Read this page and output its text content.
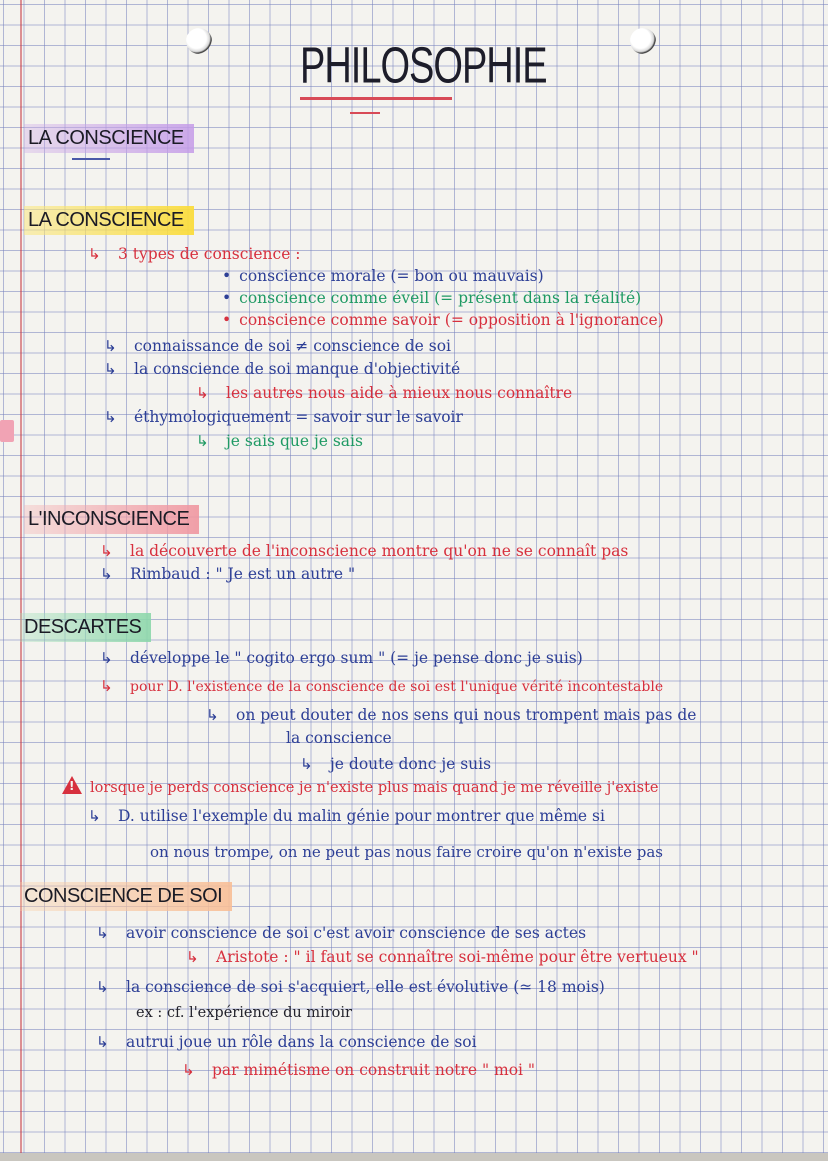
PHILOSOPHIE
LA CONSCIENCE
LA CONSCIENCE
↳ 3 types de conscience :
• conscience morale (= bon ou mauvais)
• conscience comme éveil (= présent dans la réalité)
• conscience comme savoir (= opposition à l'ignorance)
↳ connaissance de soi ≠ conscience de soi
↳ la conscience de soi manque d'objectivité
↳ les autres nous aide à mieux nous connaître
↳ éthymologiquement = savoir sur le savoir
↳ je sais que je sais
L'INCONSCIENCE
↳ la découverte de l'inconscience montre qu'on ne se connaît pas
↳ Rimbaud : " Je est un autre "
DESCARTES
↳ développe le " cogito ergo sum " (= je pense donc je suis)
↳ pour D. l'existence de la conscience de soi est l'unique vérité incontestable
↳ on peut douter de nos sens qui nous trompent mais pas de
la conscience
↳ je doute donc je suis
! lorsque je perds conscience je n'existe plus mais quand je me réveille j'existe
↳ D. utilise l'exemple du malin génie pour montrer que même si
on nous trompe, on ne peut pas nous faire croire qu'on n'existe pas
CONSCIENCE DE SOI
↳ avoir conscience de soi c'est avoir conscience de ses actes
↳ Aristote : " il faut se connaître soi-même pour être vertueux "
↳ la conscience de soi s'acquiert, elle est évolutive (≃ 18 mois)
ex : cf. l'expérience du miroir
↳ autrui joue un rôle dans la conscience de soi
↳ par mimétisme on construit notre " moi "
